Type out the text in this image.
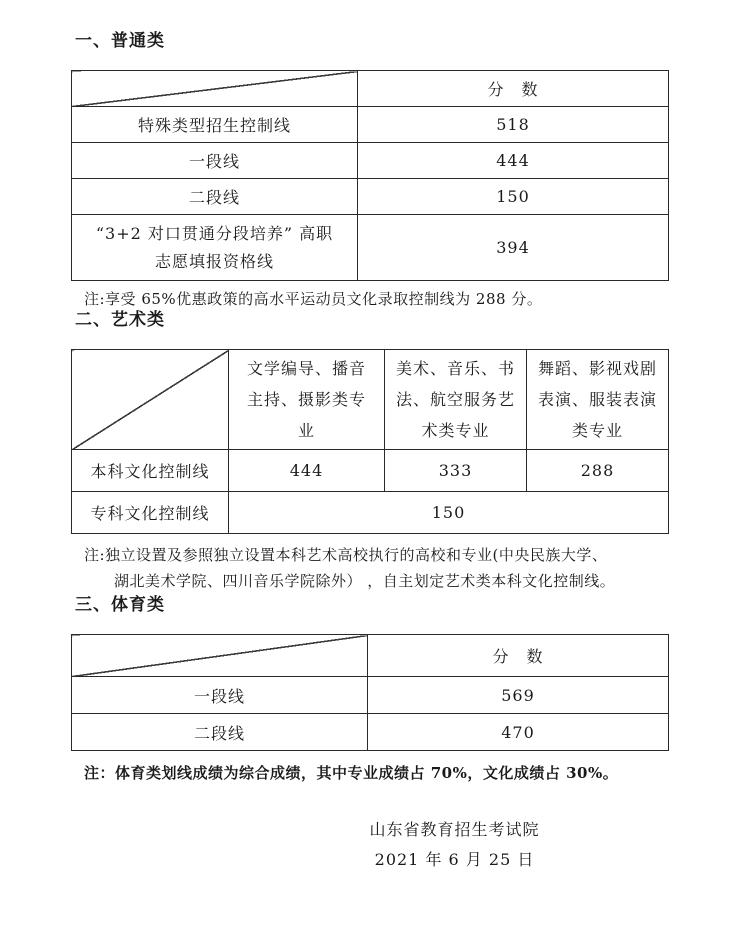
一、普通类
	分　数
特殊类型招生控制线	518
一段线	444
二段线	150

“3+2 对口贯通分段培养” 高职
志愿填报资格线	394

注:享受 65%优惠政策的高水平运动员文化录取控制线为 288 分。

二、艺术类
	文学编导、播音主持、摄影类专业	美术、音乐、书法、航空服务艺术类专业	舞蹈、影视戏剧表演、服装表演类专业
本科文化控制线	444	333	288
专科文化控制线	150		

注:独立设置及参照独立设置本科艺术高校执行的高校和专业(中央民族大学、
湖北美术学院、四川音乐学院除外） ，自主划定艺术类本科文化控制线。

三、体育类
	分　数
一段线	569
二段线	470

注：体育类划线成绩为综合成绩，其中专业成绩占 70%，文化成绩占 30%。

山东省教育招生考试院
2021 年 6 月 25 日
